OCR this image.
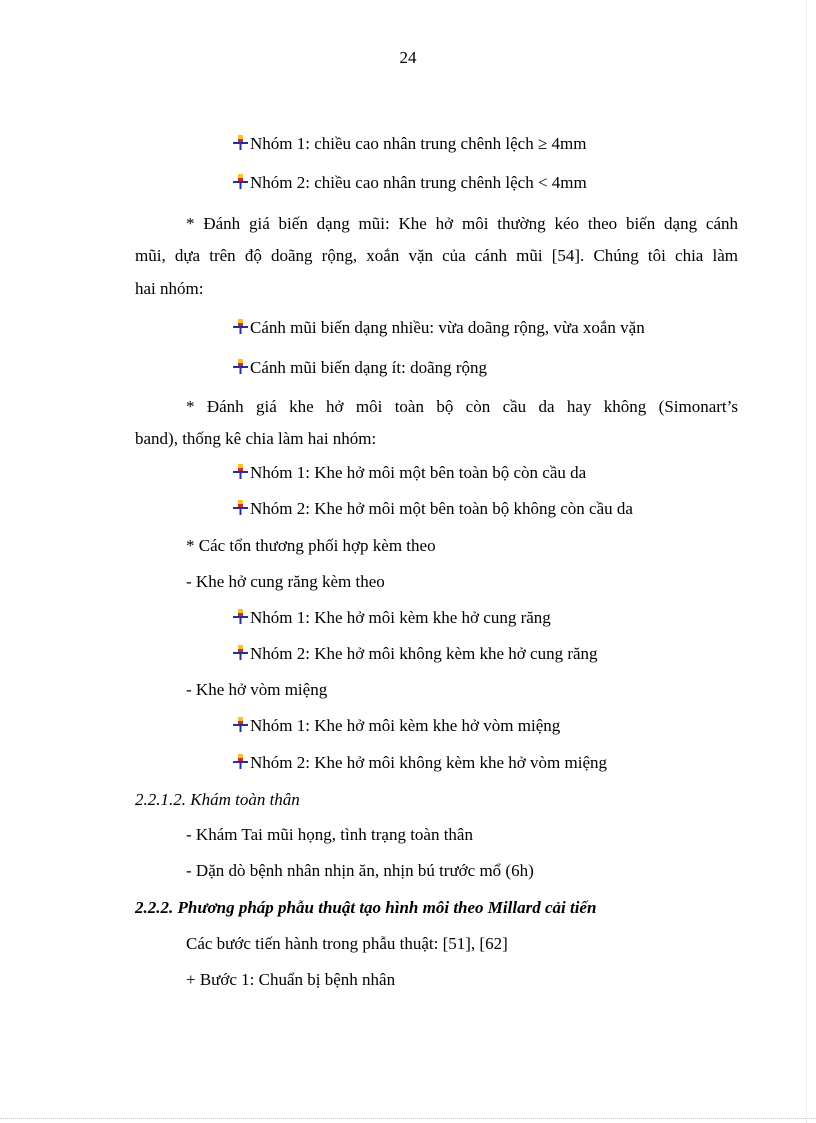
24
Nhóm 1: chiều cao nhân trung chênh lệch ≥ 4mm
Nhóm 2: chiều cao nhân trung chênh lệch < 4mm
* Đánh giá biến dạng mũi: Khe hở môi thường kéo theo biến dạng cánh
mũi, dựa trên độ doãng rộng, xoắn vặn của cánh mũi [54]. Chúng tôi chia làm
hai nhóm:
Cánh mũi biến dạng nhiều: vừa doãng rộng, vừa xoắn vặn
Cánh mũi biến dạng ít: doãng rộng
* Đánh giá khe hở môi toàn bộ còn cầu da hay không (Simonart’s
band), thống kê chia làm hai nhóm:
Nhóm 1: Khe hở môi một bên toàn bộ còn cầu da
Nhóm 2: Khe hở môi một bên toàn bộ không còn cầu da
* Các tổn thương phối hợp kèm theo
- Khe hở cung răng kèm theo
Nhóm 1: Khe hở môi kèm khe hở cung răng
Nhóm 2: Khe hở môi không kèm khe hở cung răng
- Khe hở vòm miệng
Nhóm 1: Khe hở môi kèm khe hở vòm miệng
Nhóm 2: Khe hở môi không kèm khe hở vòm miệng
2.2.1.2. Khám toàn thân
- Khám Tai mũi họng, tình trạng toàn thân
- Dặn dò bệnh nhân nhịn ăn, nhịn bú trước mổ (6h)
2.2.2. Phương pháp phẫu thuật tạo hình môi theo Millard cải tiến
Các bước tiến hành trong phẫu thuật: [51], [62]
+ Bước 1: Chuẩn bị bệnh nhân
